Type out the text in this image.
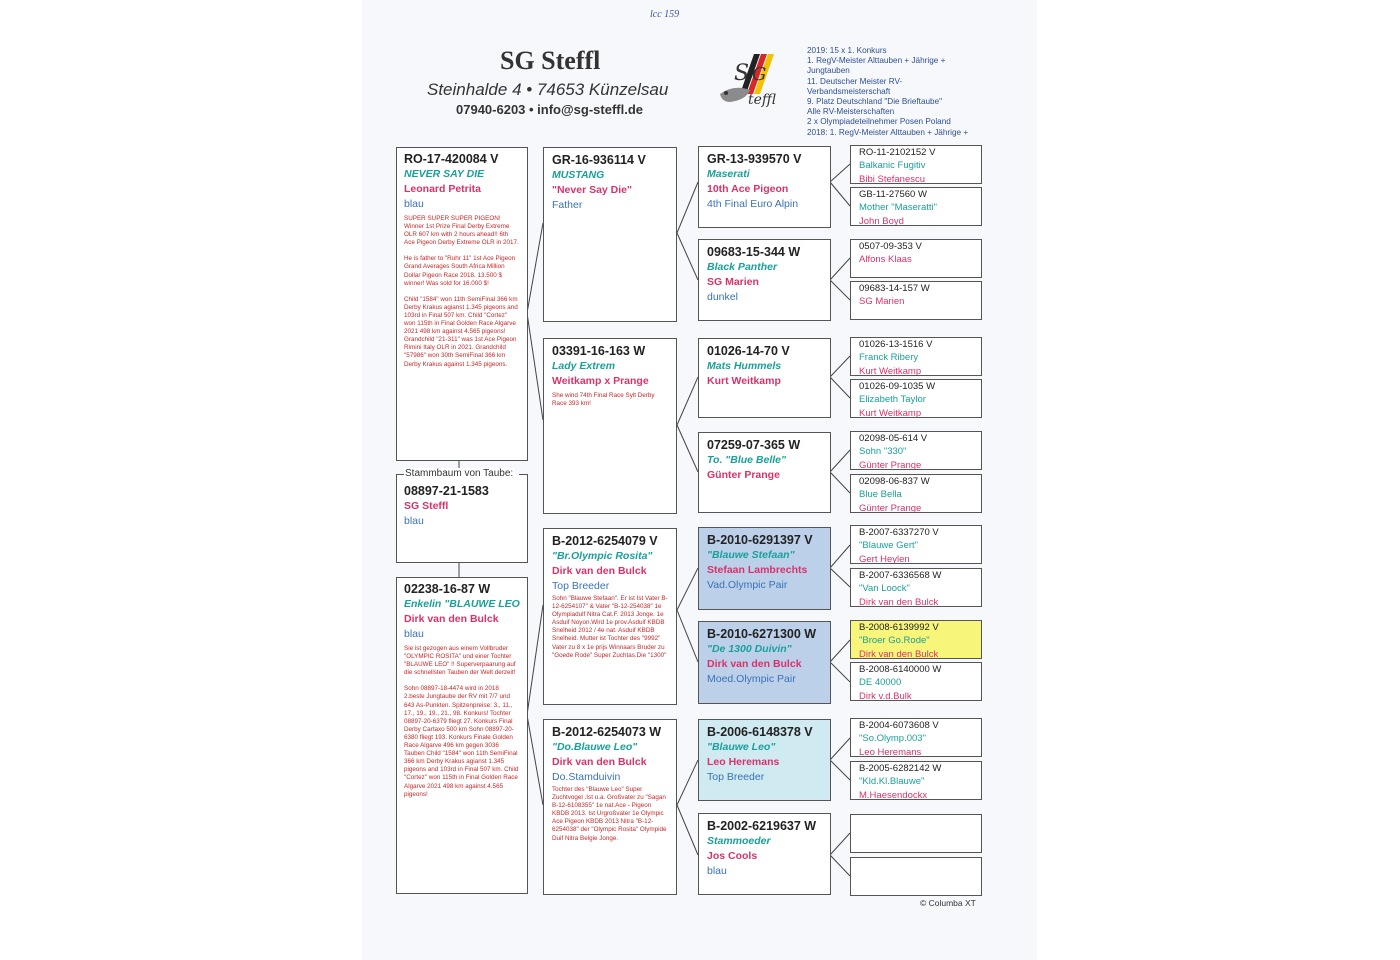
lcc 159
SG Steffl
Steinhalde 4 • 74653 Künzelsau
07940-6203 • info@sg-steffl.de
S G
teffl
2019: 15 x 1. Konkurs
1. RegV-Meister Alttauben + Jährige +
Jungtauben
11. Deutscher Meister RV-
Verbandsmeisterschaft
9. Platz Deutschland "Die Brieftaube"
Alle RV-Meisterschaften
2 x Olympiadeteilnehmer Posen Poland
2018: 1. RegV-Meister Alttauben + Jährige +
RO-17-420084 V
NEVER SAY DIE
Leonard Petrita
blau

SUPER SUPER SUPER PIGEON! Winner 1st Prize Final Derby Extreme OLR 607 km with 2 hours ahead!! 6th Ace Pigeon Derby Extreme OLR in 2017.

He is father to "Ruhr 11" 1st Ace Pigeon Grand Averages South Africa Million Dollar Pigeon Race 2018. 13.500 $ winner! Was sold for 16.000 $!

Child "1584" won 11th SemiFinal 366 km Derby Krakus agianst 1.345 pigeons and 103rd in Final 507 km. Child "Cortez" won 115th in Final Golden Race Algarve 2021 498 km against 4.565 pigeons! Grandchild "21-311" was 1st Ace Pigeon Rimini Italy OLR in 2021. Grandchild "57986" won 30th SemiFinal 366 km Derby Krakus against 1.345 pigeons.

08897-21-1583
SG Steffl
blau
Stammbaum von Taube:
02238-16-87 W
Enkelin "BLAUWE LEO
Dirk van den Bulck
blau

Sie ist gezogen aus einem Vollbruder "OLYMPIC ROSITA" und einer Tochter "BLAUWE LEO" !! Superverpaarung auf die schnellsten Tauben der Welt derzeit!

Sohn 08897-18-4474 wird in 2018 2.beste Jungtaube der RV mit 7/7 und 643 As-Punkten. Spitzenpreise: 3., 11., 17., 19., 19., 21., 98. Konkurs! Tochter 08897-20-6379 fliegt 27. Konkurs Final Derby Cartaxo 500 km Sohn 08897-20-6380 fliegt 193. Konkurs Finale Golden Race Algarve 496 km gegen 3036 Tauben Child "1584" won 11th SemiFinal 366 km Derby Krakus agianst 1.345 pigeons and 103rd in Final 507 km. Child "Cortez" won 115th in Final Golden Race Algarve 2021 498 km against 4.565 pigeons!

GR-16-936114 V
MUSTANG
"Never Say Die"
Father
03391-16-163 W
Lady Extrem
Weitkamp x Prange
She wind 74th Final Race Sylt Derby Race 393 km!
B-2012-6254079 V
"Br.Olympic Rosita"
Dirk van den Bulck
Top Breeder
Sohn "Blauwe Stefaan". Er ist Ist Vater B-12-6254107" & Vater "B-12-254038" 1e Olympiadulf Nitra Cat.F. 2013 Jonge. 1e Asduif Noyon.Wird 1e prov.Asduif KBDB Snelheid 2012 / 4e nat. Asduif KBDB Snelheid. Mutter ist Tochter des "9992" Vater zu 8 x 1e prijs Winnaars Bruder zu "Goede Rode" Super Zuchtas.Die "1300"
B-2012-6254073 W
"Do.Blauwe Leo"
Dirk van den Bulck
Do.Stamduivin
Tochter des "Blauwe Leo" Super Zuchtvogel .Ist u.a. Großvater zu "Sagan B-12-6108355" 1e nat.Ace - Pigeon KBDB 2013. Ist Urgroßvater 1e Olympic Ace Pigeon KBDB 2013 Nitra "B-12-6254038" der "Olympic Rosita" Olympide Duif Nitra Belgie Jonge.
GR-13-939570 V
Maserati
10th Ace Pigeon
4th Final Euro Alpin
09683-15-344 W
Black Panther
SG Marien
dunkel
01026-14-70 V
Mats Hummels
Kurt Weitkamp
07259-07-365 W
To. "Blue Belle"
Günter Prange
B-2010-6291397 V
"Blauwe Stefaan"
Stefaan Lambrechts
Vad.Olympic Pair
B-2010-6271300 W
"De 1300 Duivin"
Dirk van den Bulck
Moed.Olympic Pair
B-2006-6148378 V
"Blauwe Leo"
Leo Heremans
Top Breeder
B-2002-6219637 W
Stammoeder
Jos Cools
blau
RO-11-2102152 V
Balkanic Fugitiv
Bibi Stefanescu
GB-11-27560 W
Mother "Maseratti"
John Boyd
0507-09-353 V
Alfons Klaas
09683-14-157 W
SG Marien
01026-13-1516 V
Franck Ribery
Kurt Weitkamp
01026-09-1035 W
Elizabeth Taylor
Kurt Weitkamp
02098-05-614 V
Sohn "330"
Günter Prange
02098-06-837 W
Blue Bella
Günter Prange
B-2007-6337270 V
"Blauwe Gert"
Gert Heylen
B-2007-6336568 W
"Van Loock"
Dirk van den Bulck
B-2008-6139992 V
"Broer Go.Rode"
Dirk van den Bulck
B-2008-6140000 W
DE 40000
Dirk v.d.Bulk
B-2004-6073608 V
"So.Olymp.003"
Leo Heremans
B-2005-6282142 W
"Kld.Kl.Blauwe"
M.Haesendockx
© Columba XT
